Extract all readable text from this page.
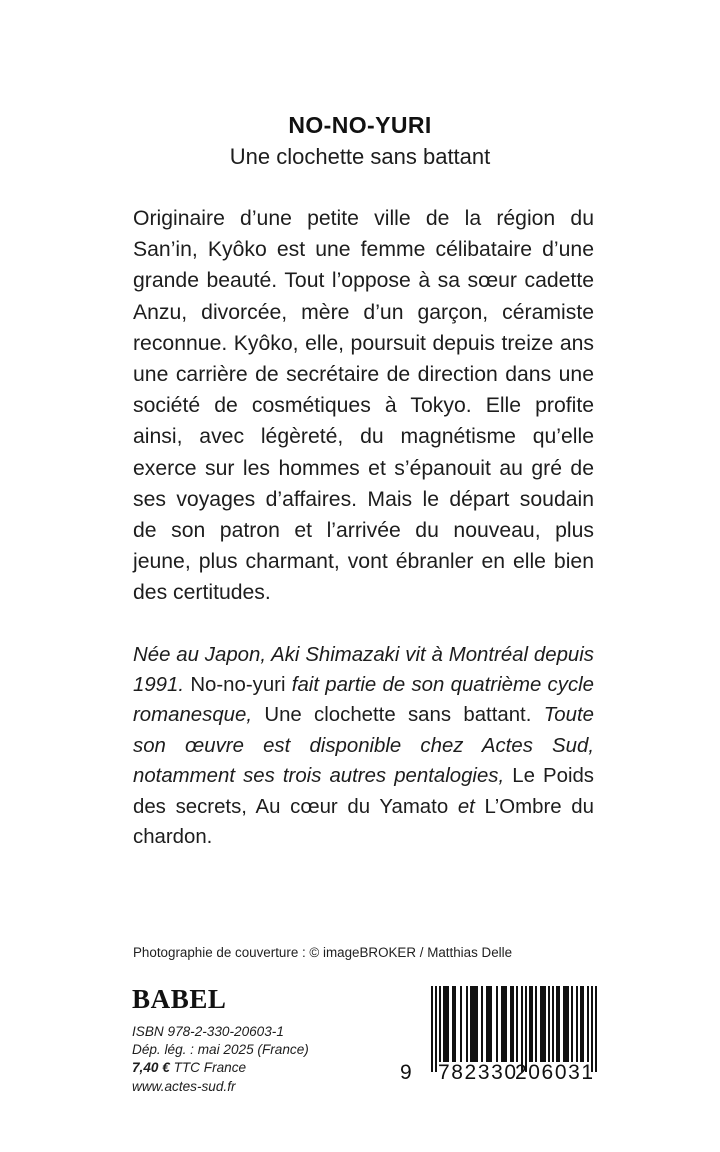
NO-NO-YURI
Une clochette sans battant

Originaire d’une petite ville de la région du San’in, Kyôko est une femme célibataire d’une grande beauté. Tout l’oppose à sa sœur cadette Anzu, divorcée, mère d’un garçon, céramiste reconnue. Kyôko, elle, poursuit depuis treize ans une carrière de secrétaire de direction dans une société de cosmétiques à Tokyo. Elle profite ainsi, avec légèreté, du magnétisme qu’elle exerce sur les hommes et s’épanouit au gré de ses voyages d’affaires. Mais le départ soudain de son patron et l’arrivée du nouveau, plus jeune, plus charmant, vont ébranler en elle bien des certitudes.

Née au Japon, Aki Shimazaki vit à Montréal depuis 1991. No-no-yuri fait partie de son quatrième cycle romanesque, Une clochette sans battant. Toute son œuvre est disponible chez Actes Sud, notamment ses trois autres pentalogies, Le Poids des secrets, Au cœur du Yamato et L’Ombre du chardon.

Photographie de couverture : © imageBROKER / Matthias Delle
BABEL
ISBN 978-2-330-20603-1
Dép. lég. : mai 2025 (France)
7,40 € TTC France
www.actes-sud.fr
9 782330
206031
